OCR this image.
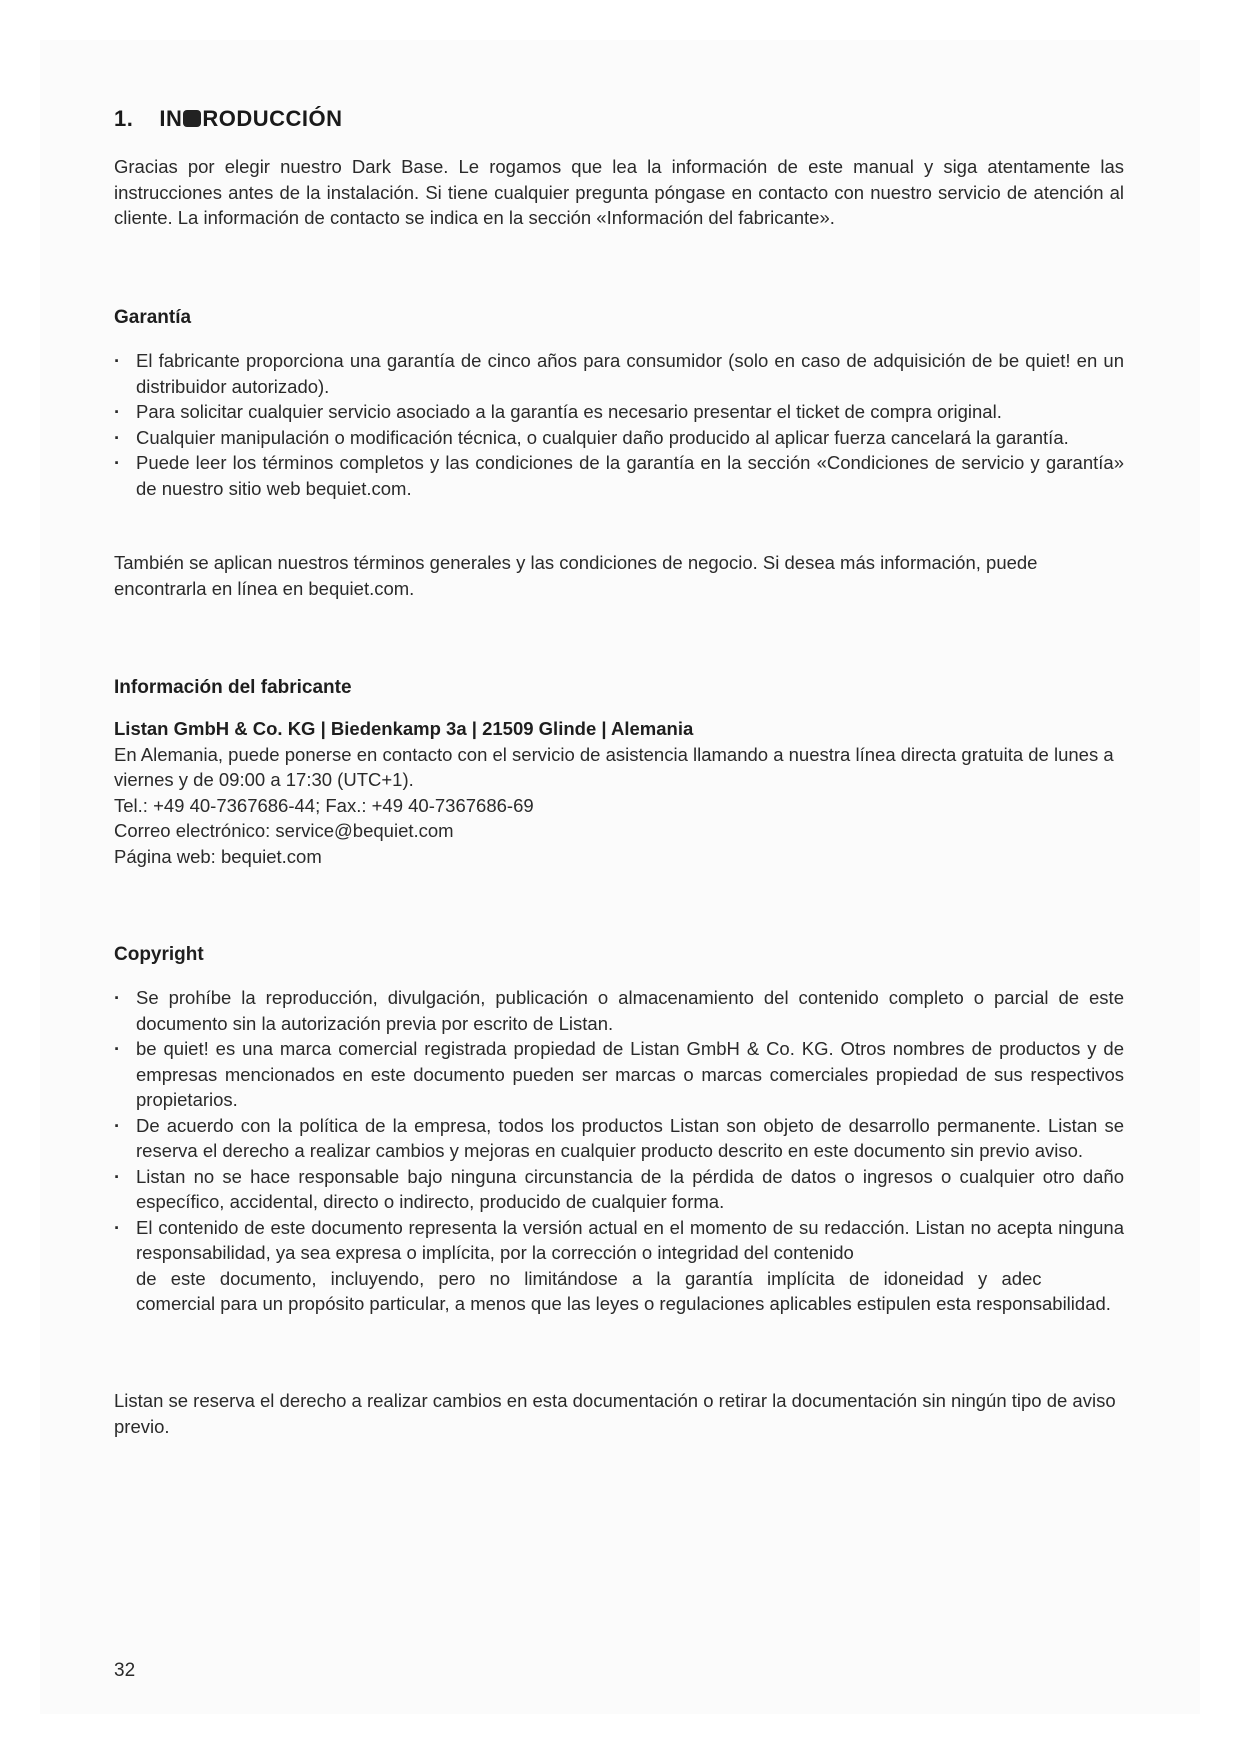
1. IN RODUCCIÓN

Gracias por elegir nuestro Dark Base. Le rogamos que lea la información de este manual y siga atentamente las instrucciones antes de la instalación. Si tiene cualquier pregunta póngase en contacto con nuestro servicio de atención al cliente. La información de contacto se indica en la sección «Información del fabricante».

Garantía
· El fabricante proporciona una garantía de cinco años para consumidor (solo en caso de adquisición de be quiet! en un distribuidor autorizado).
· Para solicitar cualquier servicio asociado a la garantía es necesario presentar el ticket de compra original.
· Cualquier manipulación o modificación técnica, o cualquier daño producido al aplicar fuerza cancelará la garantía.
· Puede leer los términos completos y las condiciones de la garantía en la sección «Condiciones de servicio y garantía» de nuestro sitio web bequiet.com.

También se aplican nuestros términos generales y las condiciones de negocio. Si desea más información, puede encontrarla en línea en bequiet.com.

Información del fabricante
Listan GmbH & Co. KG | Biedenkamp 3a | 21509 Glinde | Alemania
En Alemania, puede ponerse en contacto con el servicio de asistencia llamando a nuestra línea directa gratuita de lunes a viernes y de 09:00 a 17:30 (UTC+1).
Tel.: +49 40-7367686-44; Fax.: +49 40-7367686-69
Correo electrónico: service@bequiet.com
Página web: bequiet.com
Copyright
· Se prohíbe la reproducción, divulgación, publicación o almacenamiento del contenido completo o parcial de este documento sin la autorización previa por escrito de Listan.
· be quiet! es una marca comercial registrada propiedad de Listan GmbH & Co. KG. Otros nombres de productos y de empresas mencionados en este documento pueden ser marcas o marcas comerciales propiedad de sus respectivos propietarios.
· De acuerdo con la política de la empresa, todos los productos Listan son objeto de desarrollo permanente. Listan se reserva el derecho a realizar cambios y mejoras en cualquier producto descrito en este documento sin previo aviso.
· Listan no se hace responsable bajo ninguna circunstancia de la pérdida de datos o ingresos o cualquier otro daño específico, accidental, directo o indirecto, producido de cualquier forma.
· El contenido de este documento representa la versión actual en el momento de su redacción. Listan no acepta ninguna responsabilidad, ya sea expresa o implícita, por la corrección o integridad del contenido
de este documento, incluyendo, pero no limitándose a la garantía implícita de idoneidad y adec
comercial para un propósito particular, a menos que las leyes o regulaciones aplicables estipulen esta responsabilidad.

Listan se reserva el derecho a realizar cambios en esta documentación o retirar la documentación sin ningún tipo de aviso previo.

32
